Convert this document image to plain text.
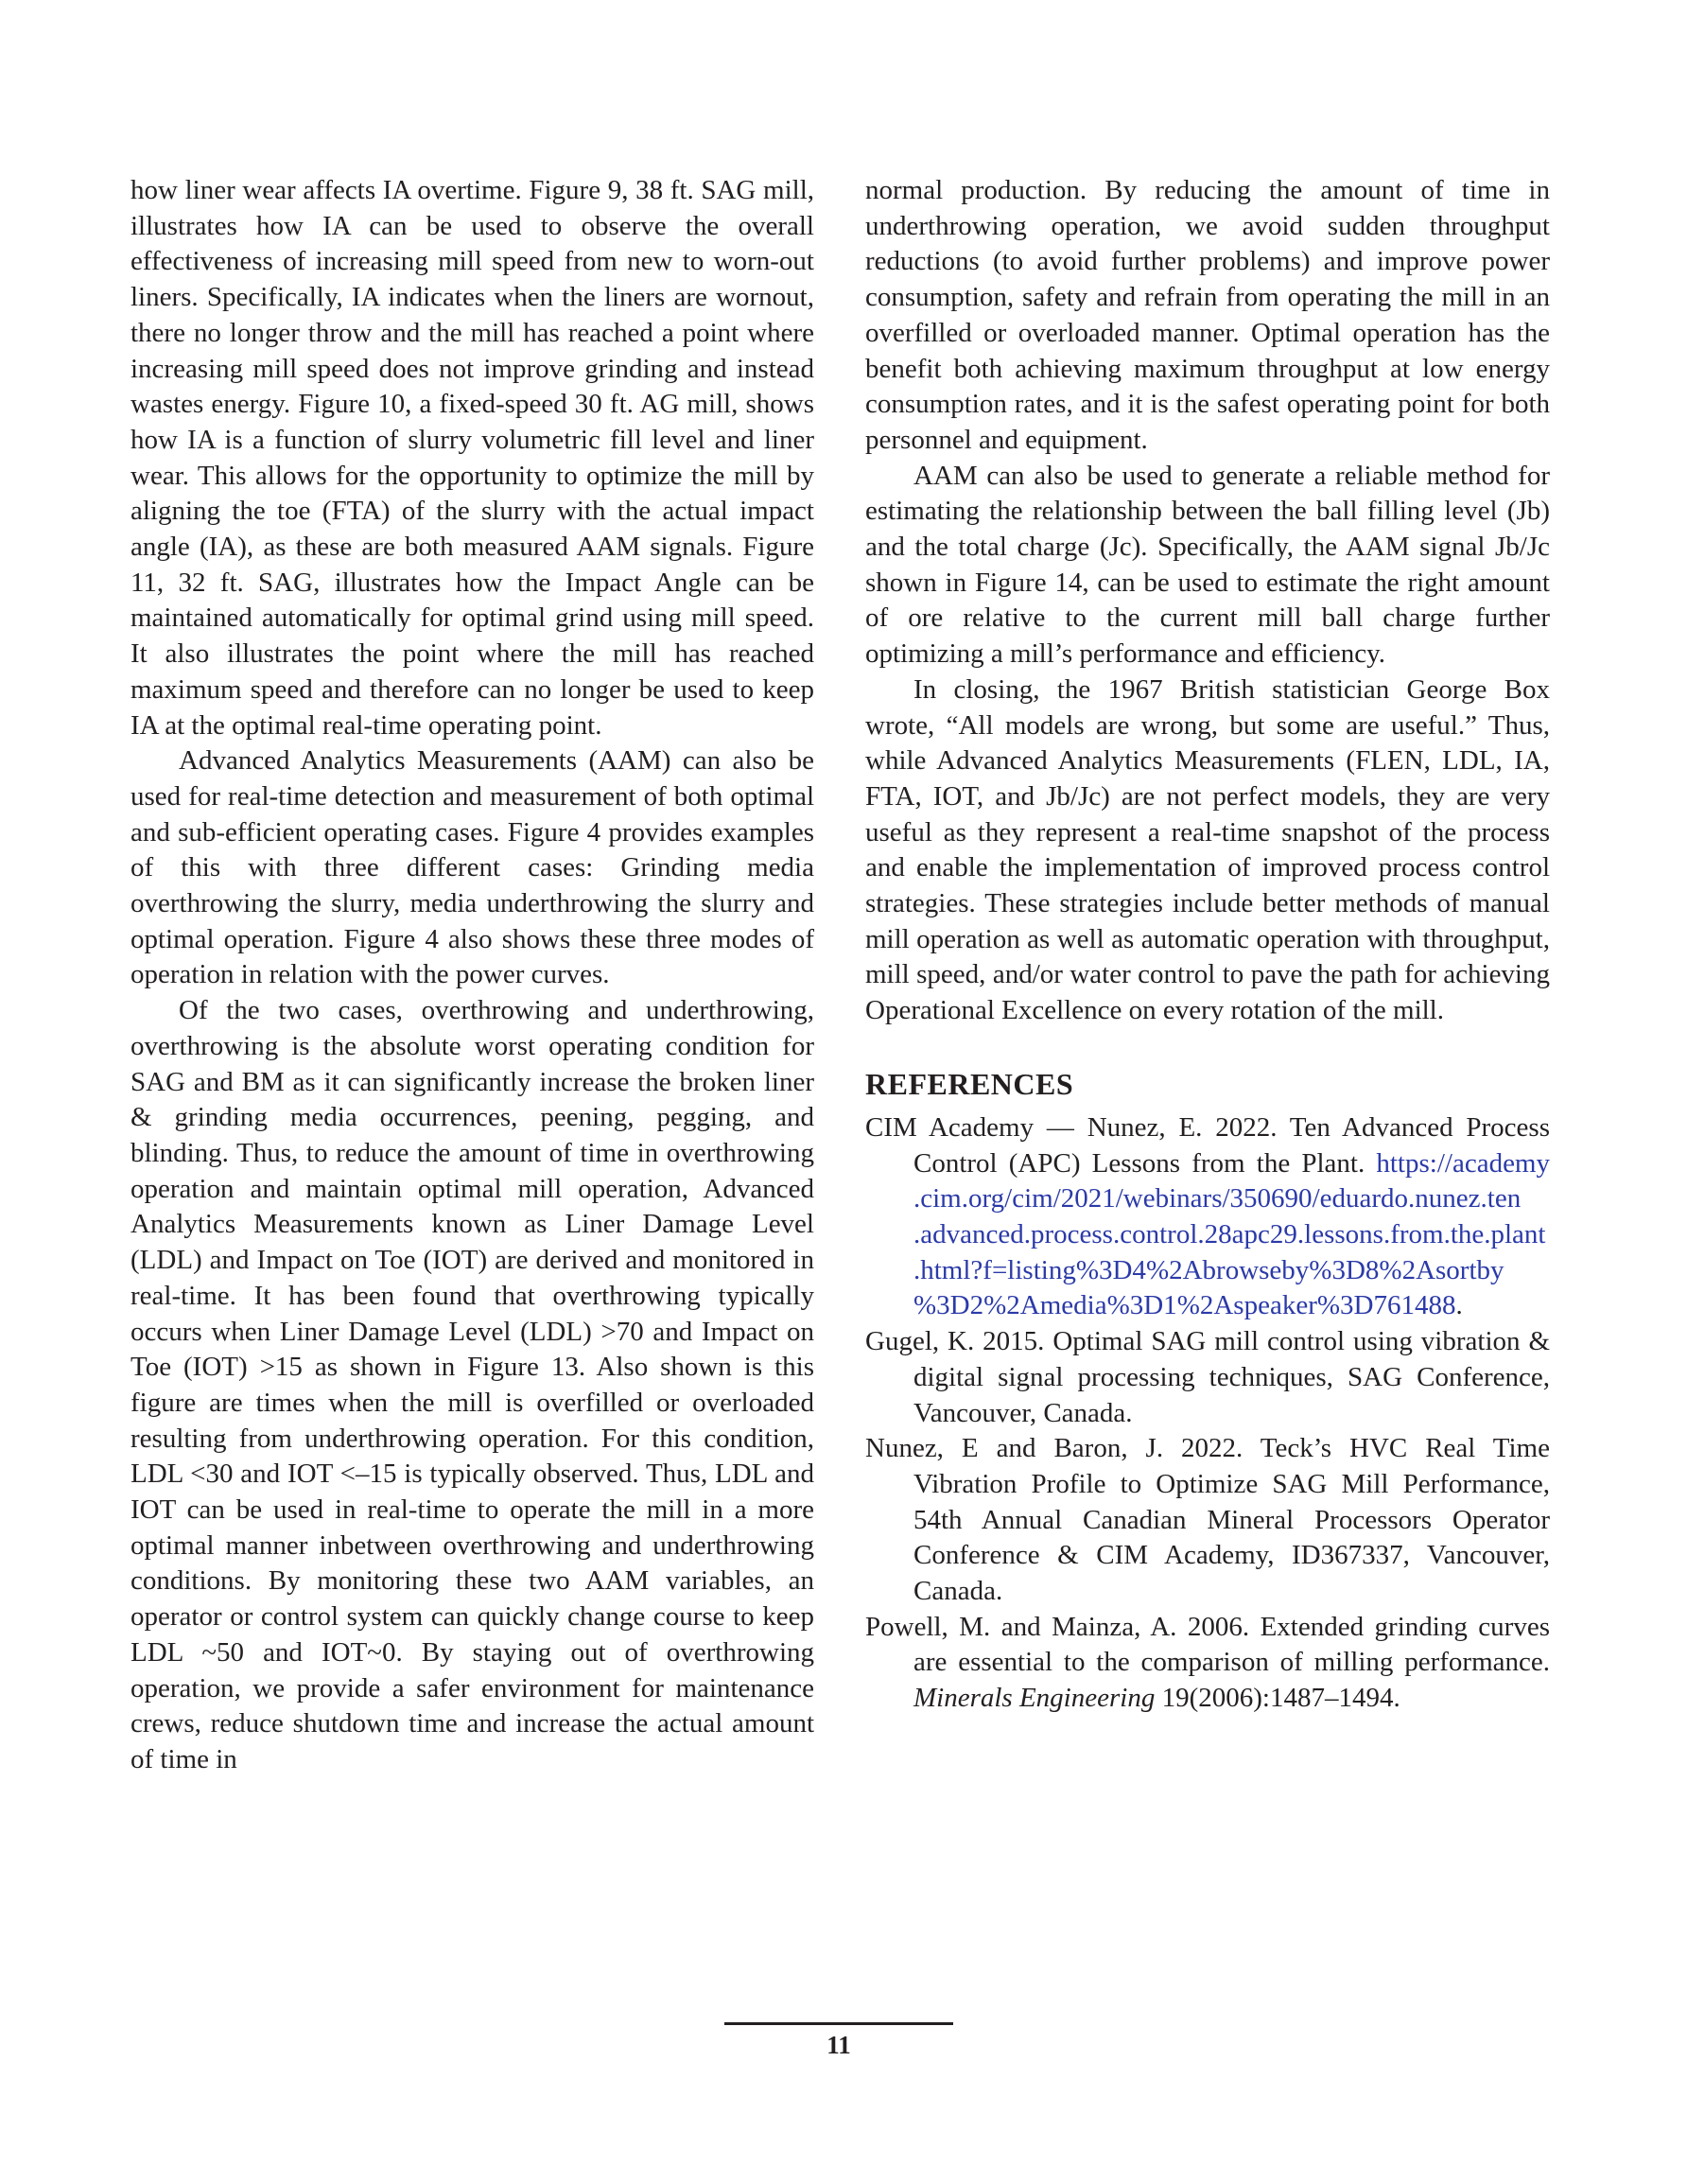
how liner wear affects IA overtime. Figure 9, 38 ft. SAG mill, illustrates how IA can be used to observe the overall effectiveness of increasing mill speed from new to worn-out liners. Specifically, IA indicates when the liners are wornout, there no longer throw and the mill has reached a point where increasing mill speed does not improve grinding and instead wastes energy. Figure 10, a fixed-speed 30 ft. AG mill, shows how IA is a function of slurry volumetric fill level and liner wear. This allows for the opportunity to optimize the mill by aligning the toe (FTA) of the slurry with the actual impact angle (IA), as these are both measured AAM signals. Figure 11, 32 ft. SAG, illustrates how the Impact Angle can be maintained automatically for optimal grind using mill speed. It also illustrates the point where the mill has reached maximum speed and therefore can no longer be used to keep IA at the optimal real-time operating point.

Advanced Analytics Measurements (AAM) can also be used for real-time detection and measurement of both optimal and sub-efficient operating cases. Figure 4 provides examples of this with three different cases: Grinding media overthrowing the slurry, media underthrowing the slurry and optimal operation. Figure 4 also shows these three modes of operation in relation with the power curves.

Of the two cases, overthrowing and underthrowing, overthrowing is the absolute worst operating condition for SAG and BM as it can significantly increase the broken liner & grinding media occurrences, peening, pegging, and blinding. Thus, to reduce the amount of time in overthrowing operation and maintain optimal mill operation, Advanced Analytics Measurements known as Liner Damage Level (LDL) and Impact on Toe (IOT) are derived and monitored in real-time. It has been found that overthrowing typically occurs when Liner Damage Level (LDL) >70 and Impact on Toe (IOT) >15 as shown in Figure 13. Also shown is this figure are times when the mill is overfilled or overloaded resulting from underthrowing operation. For this condition, LDL <30 and IOT <–15 is typically observed. Thus, LDL and IOT can be used in real-time to operate the mill in a more optimal manner inbetween overthrowing and underthrowing conditions. By monitoring these two AAM variables, an operator or control system can quickly change course to keep LDL ~50 and IOT~0. By staying out of overthrowing operation, we provide a safer environment for maintenance crews, reduce shutdown time and increase the actual amount of time in

normal production. By reducing the amount of time in underthrowing operation, we avoid sudden throughput reductions (to avoid further problems) and improve power consumption, safety and refrain from operating the mill in an overfilled or overloaded manner. Optimal operation has the benefit both achieving maximum throughput at low energy consumption rates, and it is the safest operating point for both personnel and equipment.

AAM can also be used to generate a reliable method for estimating the relationship between the ball filling level (Jb) and the total charge (Jc). Specifically, the AAM signal Jb/Jc shown in Figure 14, can be used to estimate the right amount of ore relative to the current mill ball charge further optimizing a mill’s performance and efficiency.

In closing, the 1967 British statistician George Box wrote, “All models are wrong, but some are useful.” Thus, while Advanced Analytics Measurements (FLEN, LDL, IA, FTA, IOT, and Jb/Jc) are not perfect models, they are very useful as they represent a real-time snapshot of the process and enable the implementation of improved process control strategies. These strategies include better methods of manual mill operation as well as automatic operation with throughput, mill speed, and/or water control to pave the path for achieving Operational Excellence on every rotation of the mill.

REFERENCES

CIM Academy — Nunez, E. 2022. Ten Advanced Process Control (APC) Lessons from the Plant. https://academy.cim.org/cim/2021/webinars/350690/eduardo.nunez.ten.advanced.process.control.28apc29.lessons.from.the.plant.html?f=listing%3D4%2Abrowseby%3D8%2Asortby%3D2%2Amedia%3D1%2Aspeaker%3D761488.

Gugel, K. 2015. Optimal SAG mill control using vibration & digital signal processing techniques, SAG Conference, Vancouver, Canada.

Nunez, E and Baron, J. 2022. Teck’s HVC Real Time Vibration Profile to Optimize SAG Mill Performance, 54th Annual Canadian Mineral Processors Operator Conference & CIM Academy, ID367337, Vancouver, Canada.

Powell, M. and Mainza, A. 2006. Extended grinding curves are essential to the comparison of milling performance. Minerals Engineering 19(2006):1487–1494.

11
